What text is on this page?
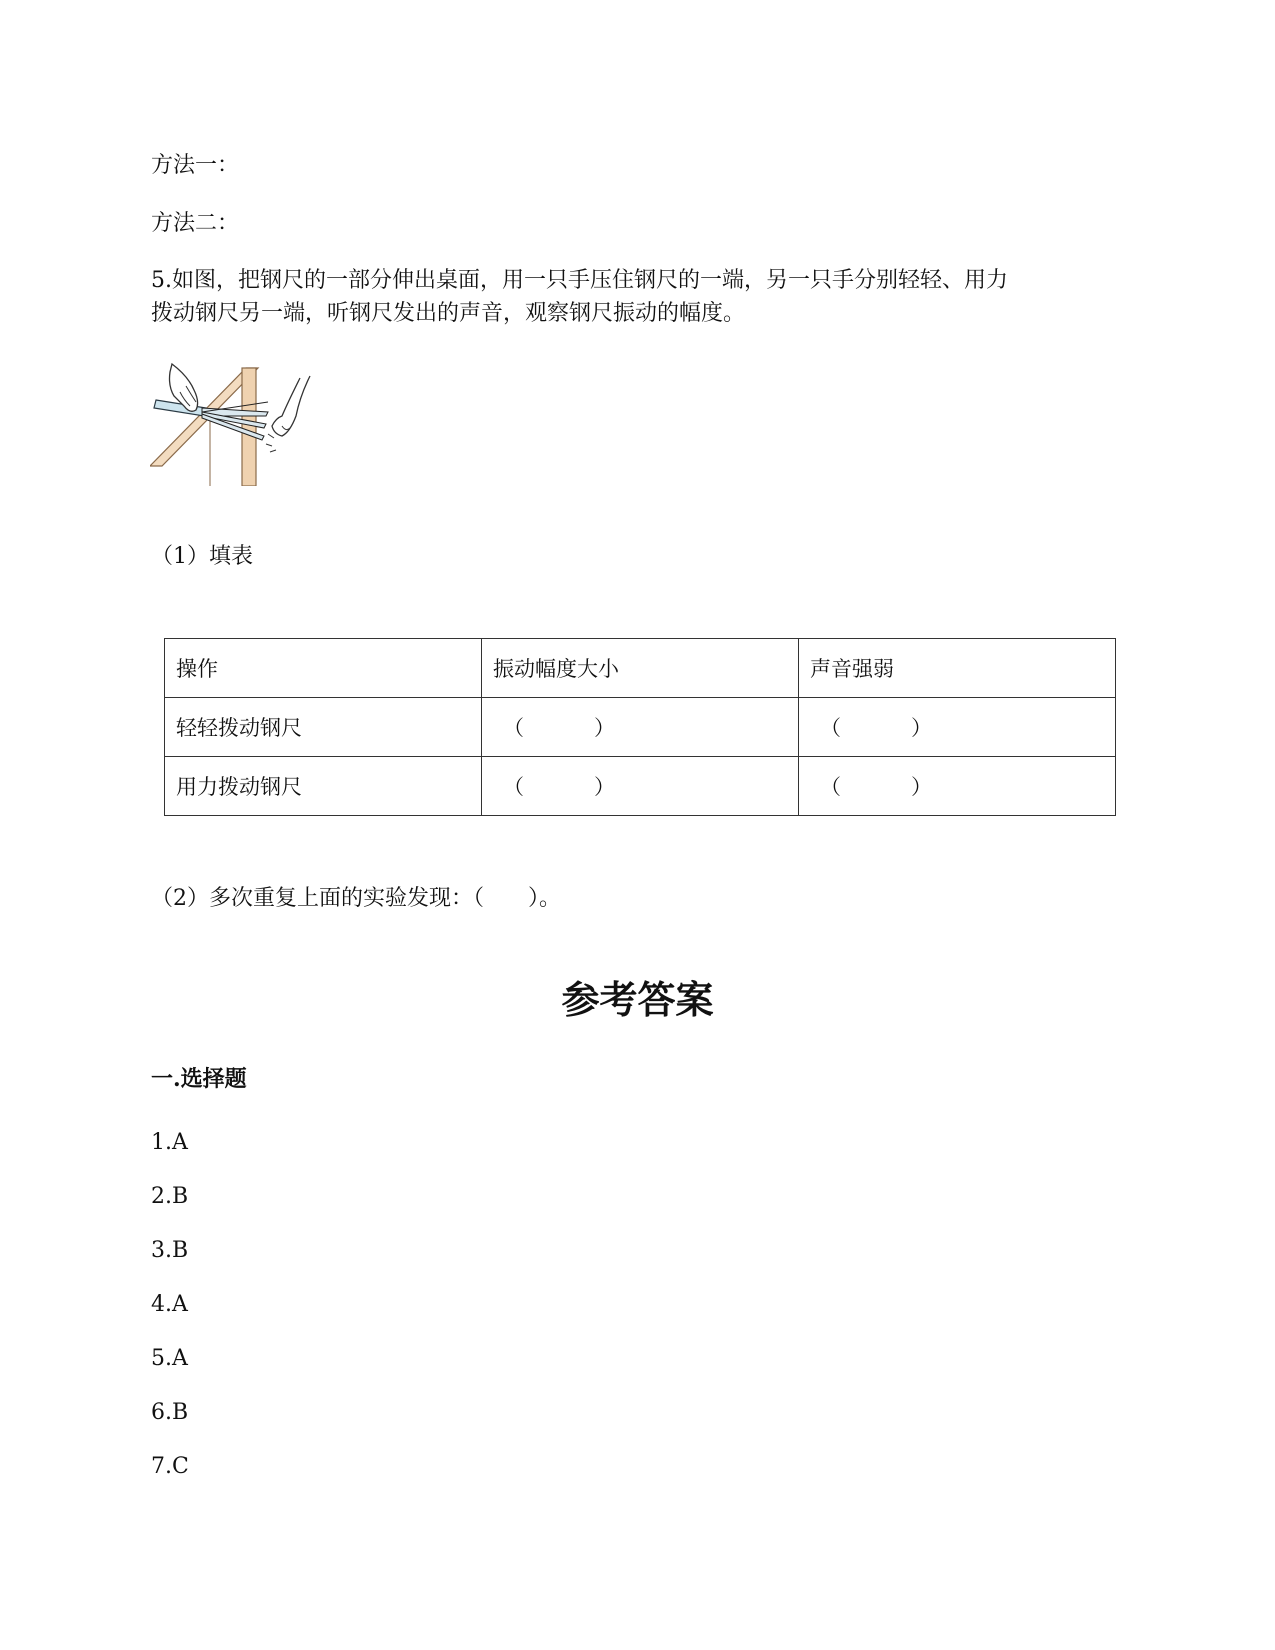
方法一：
方法二：
5.如图，把钢尺的一部分伸出桌面，用一只手压住钢尺的一端，另一只手分别轻轻、用力
拨动钢尺另一端，听钢尺发出的声音，观察钢尺振动的幅度。
（1）填表
操作	振动幅度大小	声音强弱
轻轻拨动钢尺	（ ）	（ ）
用力拨动钢尺	（ ）	（ ）
（2）多次重复上面的实验发现：（　　）。
参考答案
一.选择题
1.A
2.B
3.B
4.A
5.A
6.B
7.C
